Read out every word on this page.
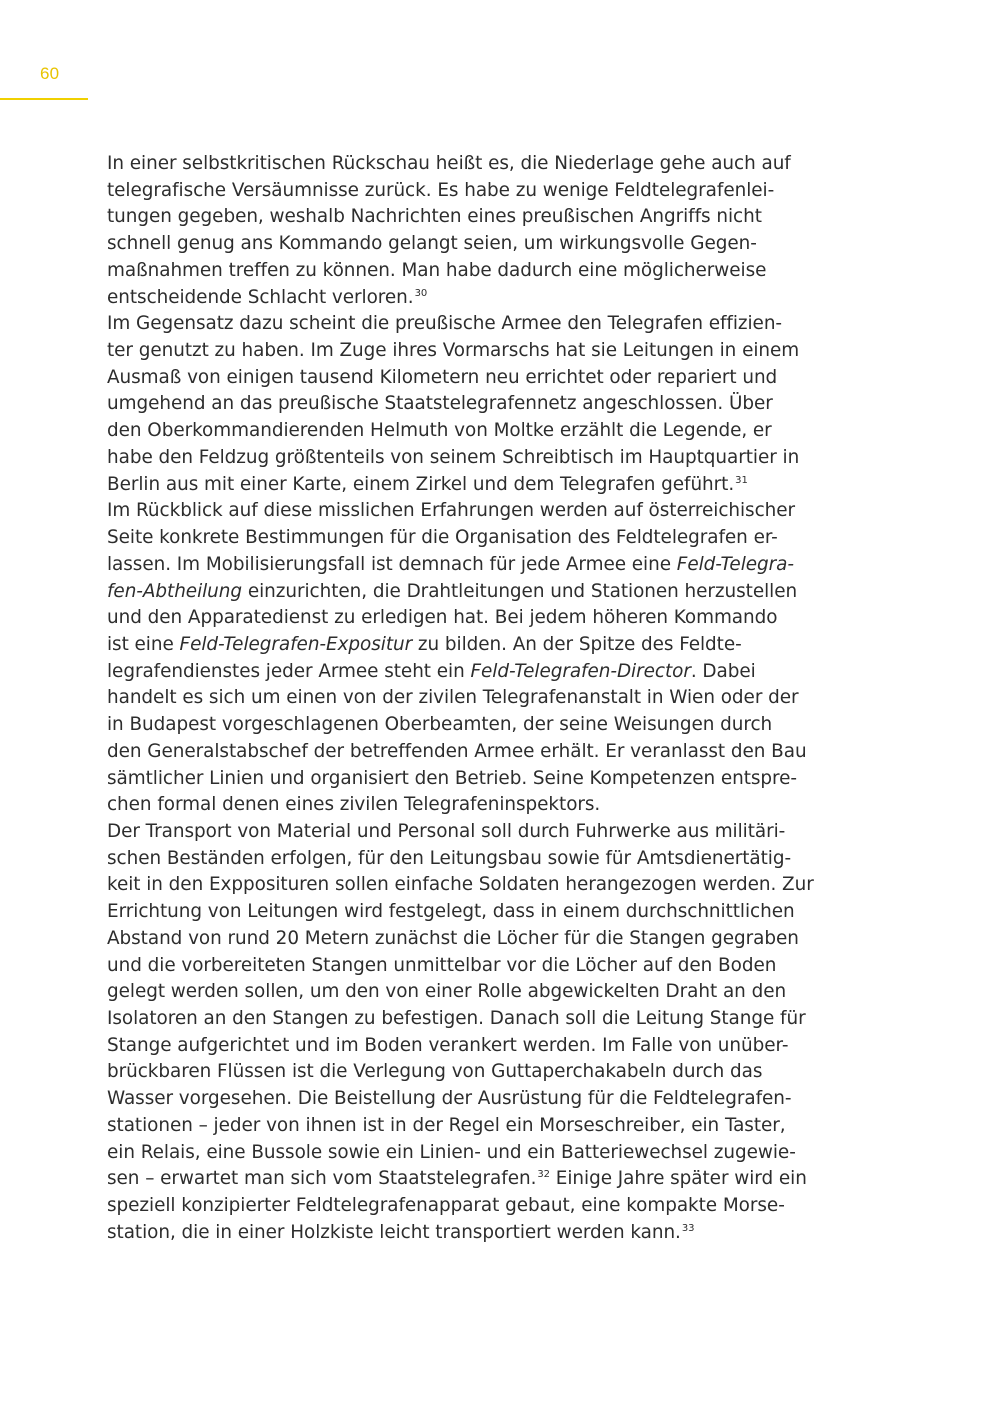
60
In einer selbstkritischen Rückschau heißt es, die Niederlage gehe auch auf
telegrafische Versäumnisse zurück. Es habe zu wenige Feldtelegrafenlei-
tungen gegeben, weshalb Nachrichten eines preußischen Angriffs nicht
schnell genug ans Kommando gelangt seien, um wirkungsvolle Gegen-
maßnahmen treffen zu können. Man habe dadurch eine möglicherweise
entscheidende Schlacht verloren.$^{30}$
Im Gegensatz dazu scheint die preußische Armee den Telegrafen effizien-
ter genutzt zu haben. Im Zuge ihres Vormarschs hat sie Leitungen in einem
Ausmaß von einigen tausend Kilometern neu errichtet oder repariert und
umgehend an das preußische Staatstelegrafennetz angeschlossen. Über
den Oberkommandierenden Helmuth von Moltke erzählt die Legende, er
habe den Feldzug größtenteils von seinem Schreibtisch im Hauptquartier in
Berlin aus mit einer Karte, einem Zirkel und dem Telegrafen geführt.$^{31}$
Im Rückblick auf diese misslichen Erfahrungen werden auf österreichischer
Seite konkrete Bestimmungen für die Organisation des Feldtelegrafen er-
lassen. Im Mobilisierungsfall ist demnach für jede Armee eine Feld-Telegra-
fen-Abtheilung einzurichten, die Drahtleitungen und Stationen herzustellen
und den Apparatedienst zu erledigen hat. Bei jedem höheren Kommando
ist eine Feld-Telegrafen-Expositur zu bilden. An der Spitze des Feldte-
legrafendienstes jeder Armee steht ein Feld-Telegrafen-Director. Dabei
handelt es sich um einen von der zivilen Telegrafenanstalt in Wien oder der
in Budapest vorgeschlagenen Oberbeamten, der seine Weisungen durch
den Generalstabschef der betreffenden Armee erhält. Er veranlasst den Bau
sämtlicher Linien und organisiert den Betrieb. Seine Kompetenzen entspre-
chen formal denen eines zivilen Telegrafeninspektors.
Der Transport von Material und Personal soll durch Fuhrwerke aus militäri-
schen Beständen erfolgen, für den Leitungsbau sowie für Amtsdienertätig-
keit in den Expposituren sollen einfache Soldaten herangezogen werden. Zur
Errichtung von Leitungen wird festgelegt, dass in einem durchschnittlichen
Abstand von rund 20 Metern zunächst die Löcher für die Stangen gegraben
und die vorbereiteten Stangen unmittelbar vor die Löcher auf den Boden
gelegt werden sollen, um den von einer Rolle abgewickelten Draht an den
Isolatoren an den Stangen zu befestigen. Danach soll die Leitung Stange für
Stange aufgerichtet und im Boden verankert werden. Im Falle von unüber-
brückbaren Flüssen ist die Verlegung von Guttaperchakabeln durch das
Wasser vorgesehen. Die Beistellung der Ausrüstung für die Feldtelegrafen-
stationen – jeder von ihnen ist in der Regel ein Morseschreiber, ein Taster,
ein Relais, eine Bussole sowie ein Linien- und ein Batteriewechsel zugewie-
sen – erwartet man sich vom Staatstelegrafen.$^{32}$ Einige Jahre später wird ein
speziell konzipierter Feldtelegrafenapparat gebaut, eine kompakte Morse-
station, die in einer Holzkiste leicht transportiert werden kann.$^{33}$
